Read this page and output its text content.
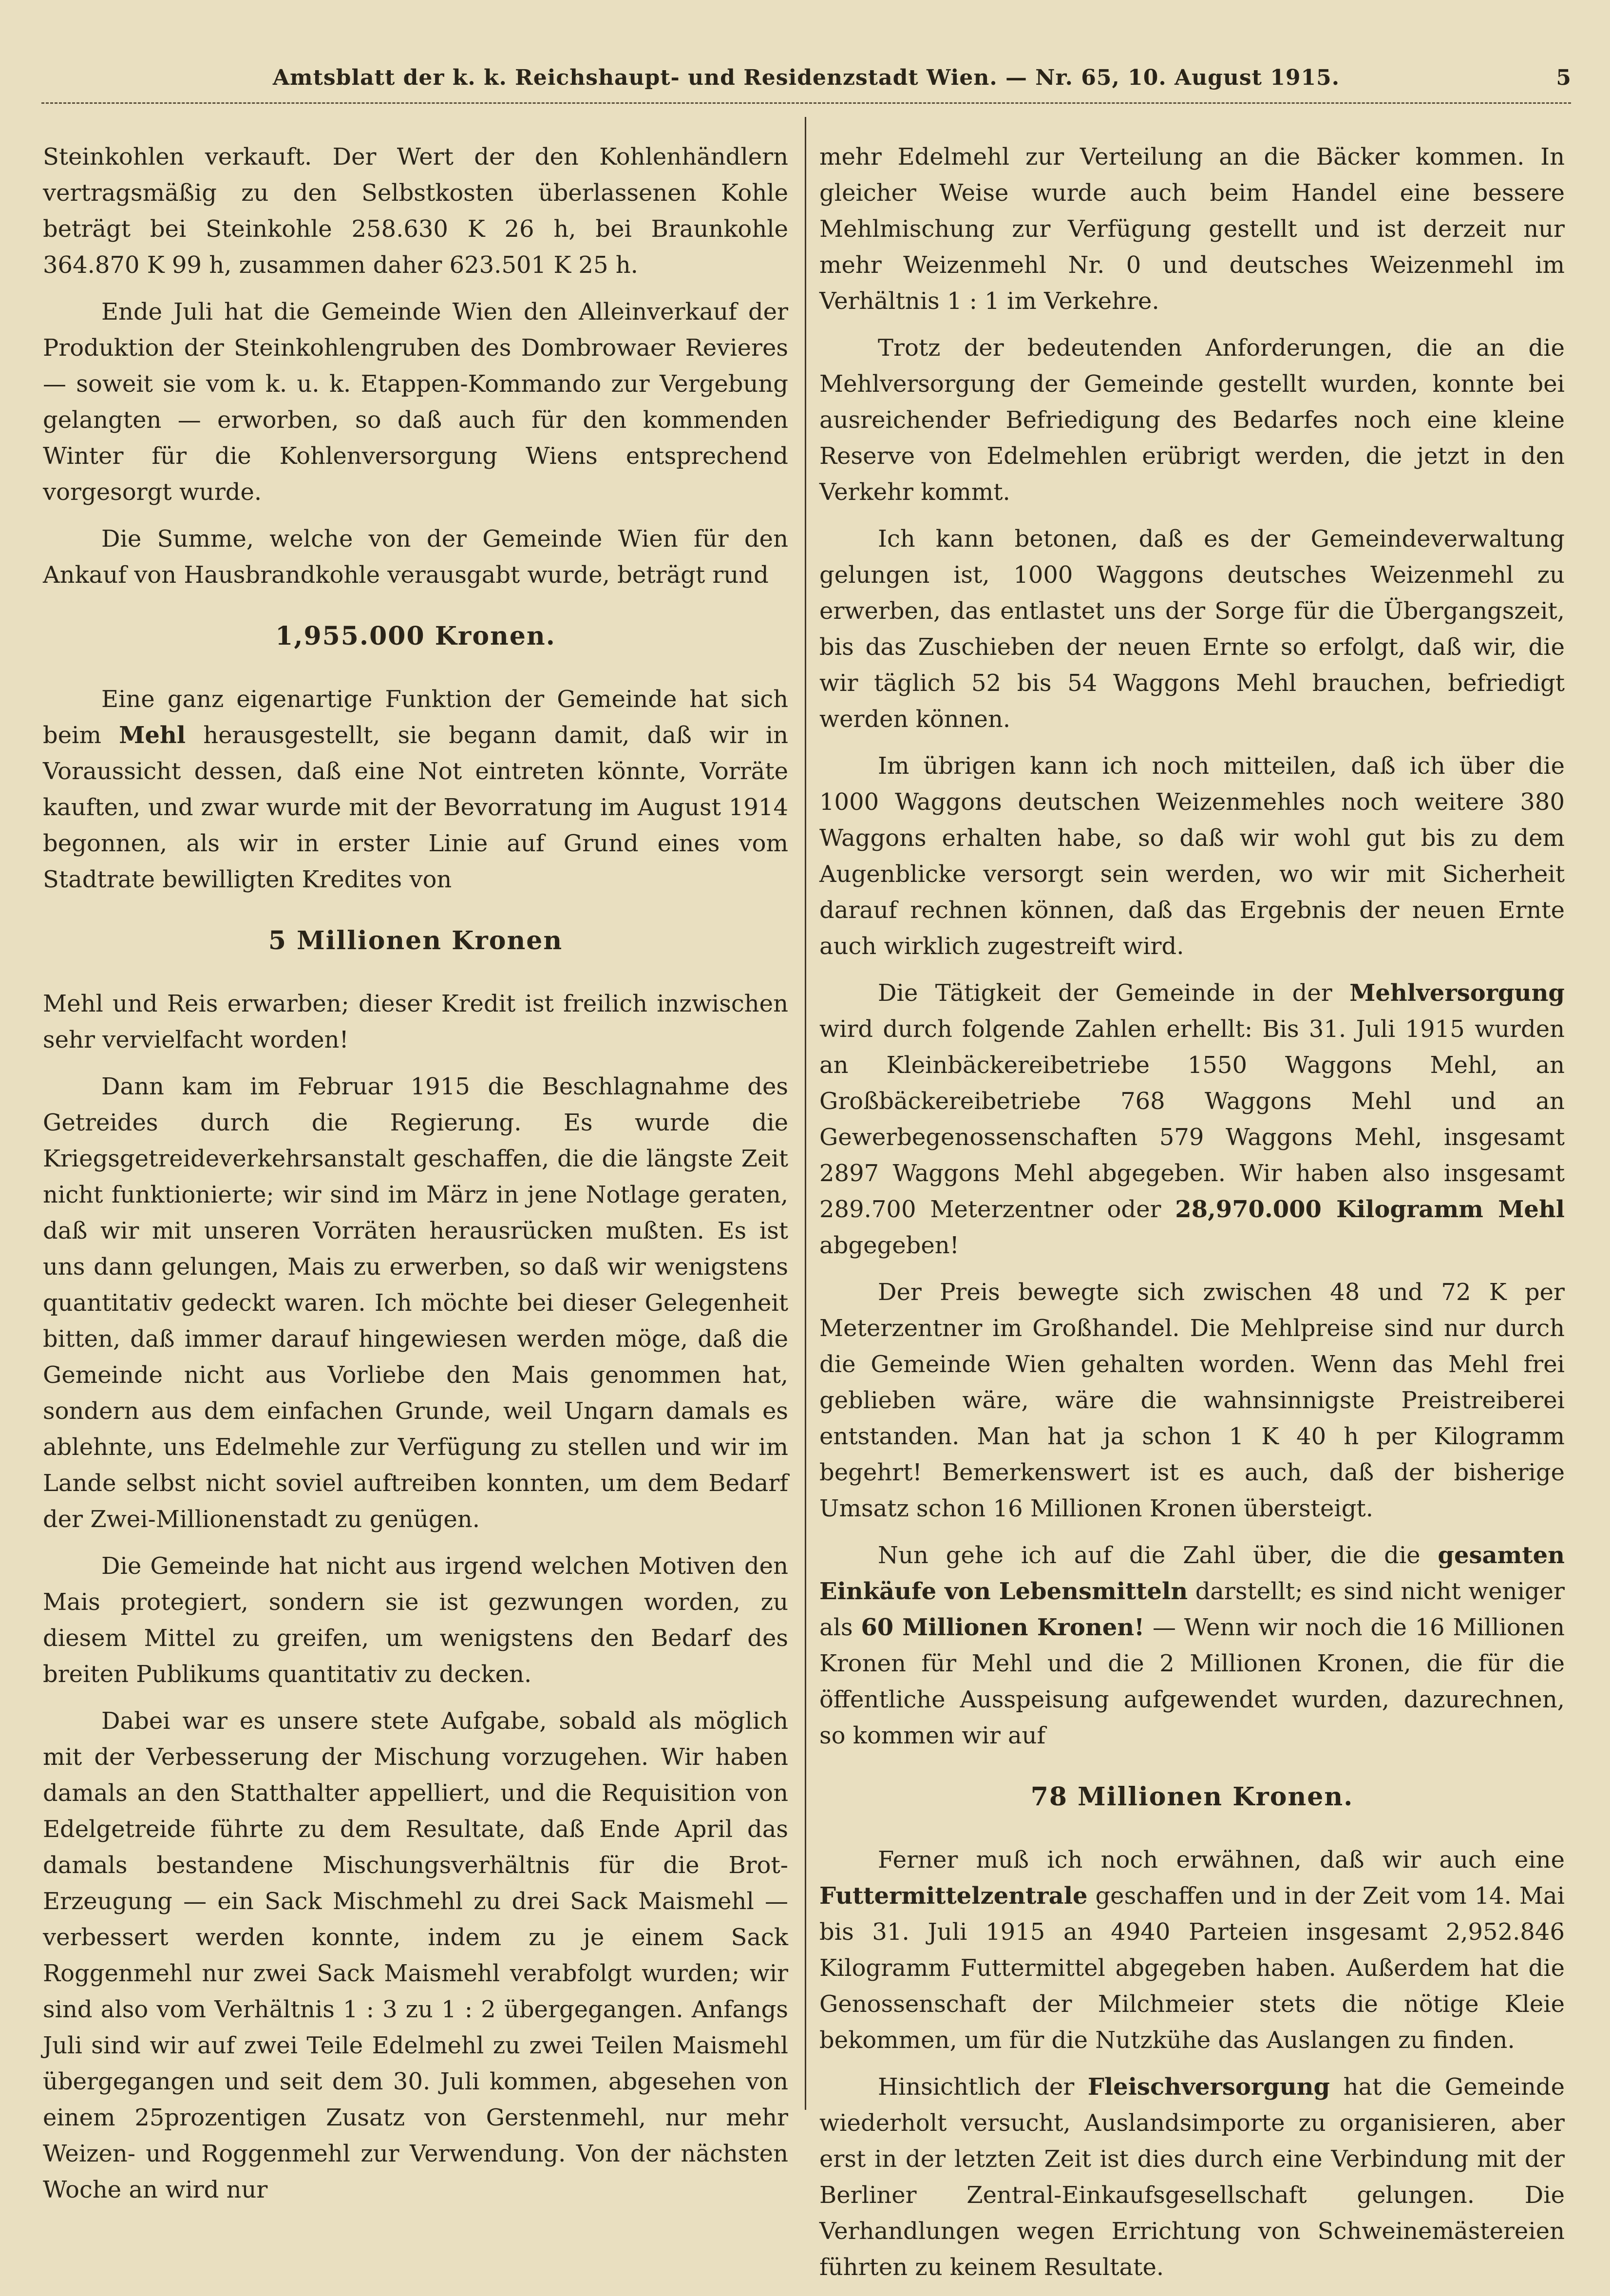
Amtsblatt der k. k. Reichshaupt- und Residenzstadt Wien. — Nr. 65, 10. August 1915.	5

Steinkohlen verkauft. Der Wert der den Kohlenhändlern vertragsmäßig zu den Selbstkosten überlassenen Kohle beträgt bei Steinkohle 258.630 K 26 h, bei Braunkohle 364.870 K 99 h, zusammen daher 623.501 K 25 h.

Ende Juli hat die Gemeinde Wien den Alleinverkauf der Produktion der Steinkohlengruben des Dombrowaer Revieres — soweit sie vom k. u. k. Etappen-Kommando zur Vergebung gelangten — erworben, so daß auch für den kommenden Winter für die Kohlenversorgung Wiens entsprechend vorgesorgt wurde.

Die Summe, welche von der Gemeinde Wien für den Ankauf von Hausbrandkohle verausgabt wurde, beträgt rund

1,955.000 Kronen.

Eine ganz eigenartige Funktion der Gemeinde hat sich beim Mehl herausgestellt, sie begann damit, daß wir in Voraussicht dessen, daß eine Not eintreten könnte, Vorräte kauften, und zwar wurde mit der Bevorratung im August 1914 begonnen, als wir in erster Linie auf Grund eines vom Stadtrate bewilligten Kredites von

5 Millionen Kronen

Mehl und Reis erwarben; dieser Kredit ist freilich inzwischen sehr vervielfacht worden!

Dann kam im Februar 1915 die Beschlagnahme des Getreides durch die Regierung. Es wurde die Kriegsgetreideverkehrsanstalt geschaffen, die die längste Zeit nicht funktionierte; wir sind im März in jene Notlage geraten, daß wir mit unseren Vorräten herausrücken mußten. Es ist uns dann gelungen, Mais zu erwerben, so daß wir wenigstens quantitativ gedeckt waren. Ich möchte bei dieser Gelegenheit bitten, daß immer darauf hingewiesen werden möge, daß die Gemeinde nicht aus Vorliebe den Mais genommen hat, sondern aus dem einfachen Grunde, weil Ungarn damals es ablehnte, uns Edelmehle zur Verfügung zu stellen und wir im Lande selbst nicht soviel auftreiben konnten, um dem Bedarf der Zwei-Millionenstadt zu genügen.

Die Gemeinde hat nicht aus irgend welchen Motiven den Mais protegiert, sondern sie ist gezwungen worden, zu diesem Mittel zu greifen, um wenigstens den Bedarf des breiten Publikums quantitativ zu decken.

Dabei war es unsere stete Aufgabe, sobald als möglich mit der Verbesserung der Mischung vorzugehen. Wir haben damals an den Statthalter appelliert, und die Requisition von Edelgetreide führte zu dem Resultate, daß Ende April das damals bestandene Mischungsverhältnis für die Brot-Erzeugung — ein Sack Mischmehl zu drei Sack Maismehl — verbessert werden konnte, indem zu je einem Sack Roggenmehl nur zwei Sack Maismehl verabfolgt wurden; wir sind also vom Verhältnis 1 : 3 zu 1 : 2 übergegangen. Anfangs Juli sind wir auf zwei Teile Edelmehl zu zwei Teilen Maismehl übergegangen und seit dem 30. Juli kommen, abgesehen von einem 25prozentigen Zusatz von Gerstenmehl, nur mehr Weizen- und Roggenmehl zur Verwendung. Von der nächsten Woche an wird nur

mehr Edelmehl zur Verteilung an die Bäcker kommen. In gleicher Weise wurde auch beim Handel eine bessere Mehlmischung zur Verfügung gestellt und ist derzeit nur mehr Weizenmehl Nr. 0 und deutsches Weizenmehl im Verhältnis 1 : 1 im Verkehre.

Trotz der bedeutenden Anforderungen, die an die Mehlversorgung der Gemeinde gestellt wurden, konnte bei ausreichender Befriedigung des Bedarfes noch eine kleine Reserve von Edelmehlen erübrigt werden, die jetzt in den Verkehr kommt.

Ich kann betonen, daß es der Gemeindeverwaltung gelungen ist, 1000 Waggons deutsches Weizenmehl zu erwerben, das entlastet uns der Sorge für die Übergangszeit, bis das Zuschieben der neuen Ernte so erfolgt, daß wir, die wir täglich 52 bis 54 Waggons Mehl brauchen, befriedigt werden können.

Im übrigen kann ich noch mitteilen, daß ich über die 1000 Waggons deutschen Weizenmehles noch weitere 380 Waggons erhalten habe, so daß wir wohl gut bis zu dem Augenblicke versorgt sein werden, wo wir mit Sicherheit darauf rechnen können, daß das Ergebnis der neuen Ernte auch wirklich zugestreift wird.

Die Tätigkeit der Gemeinde in der Mehlversorgung wird durch folgende Zahlen erhellt: Bis 31. Juli 1915 wurden an Kleinbäckereibetriebe 1550 Waggons Mehl, an Großbäckereibetriebe 768 Waggons Mehl und an Gewerbegenossenschaften 579 Waggons Mehl, insgesamt 2897 Waggons Mehl abgegeben. Wir haben also insgesamt 289.700 Meterzentner oder 28,970.000 Kilogramm Mehl abgegeben!

Der Preis bewegte sich zwischen 48 und 72 K per Meterzentner im Großhandel. Die Mehlpreise sind nur durch die Gemeinde Wien gehalten worden. Wenn das Mehl frei geblieben wäre, wäre die wahnsinnigste Preistreiberei entstanden. Man hat ja schon 1 K 40 h per Kilogramm begehrt! Bemerkenswert ist es auch, daß der bisherige Umsatz schon 16 Millionen Kronen übersteigt.

Nun gehe ich auf die Zahl über, die die gesamten Einkäufe von Lebensmitteln darstellt; es sind nicht weniger als 60 Millionen Kronen! — Wenn wir noch die 16 Millionen Kronen für Mehl und die 2 Millionen Kronen, die für die öffentliche Ausspeisung aufgewendet wurden, dazurechnen, so kommen wir auf

78 Millionen Kronen.

Ferner muß ich noch erwähnen, daß wir auch eine Futtermittelzentrale geschaffen und in der Zeit vom 14. Mai bis 31. Juli 1915 an 4940 Parteien insgesamt 2,952.846 Kilogramm Futtermittel abgegeben haben. Außerdem hat die Genossenschaft der Milchmeier stets die nötige Kleie bekommen, um für die Nutzkühe das Auslangen zu finden.

Hinsichtlich der Fleischversorgung hat die Gemeinde wiederholt versucht, Auslandsimporte zu organisieren, aber erst in der letzten Zeit ist dies durch eine Verbindung mit der Berliner Zentral-Einkaufsgesellschaft gelungen. Die Verhandlungen wegen Errichtung von Schweinemästereien führten zu keinem Resultate.
